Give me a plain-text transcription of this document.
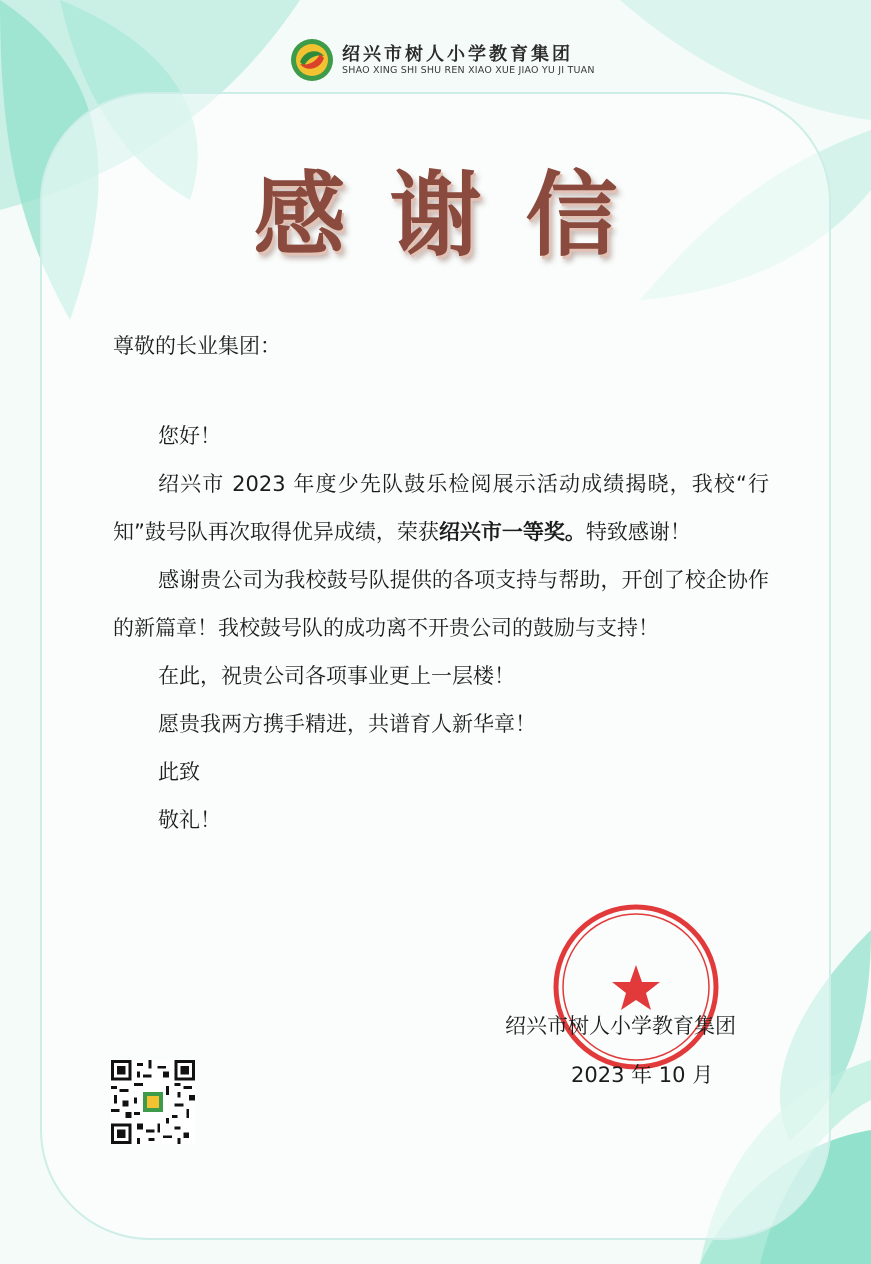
绍兴市树人小学教育集团
SHAO XING SHI SHU REN XIAO XUE JIAO YU JI TUAN
感谢信
尊敬的长业集团：

您好！

绍兴市 2023 年度少先队鼓乐检阅展示活动成绩揭晓，我校“行知”鼓号队再次取得优异成绩，荣获绍兴市一等奖。特致感谢！

感谢贵公司为我校鼓号队提供的各项支持与帮助，开创了校企协作的新篇章！我校鼓号队的成功离不开贵公司的鼓励与支持！

在此，祝贵公司各项事业更上一层楼！

愿贵我两方携手精进，共谱育人新华章！

此致

敬礼！

绍兴市树人小学教育集团
2023 年 10 月
